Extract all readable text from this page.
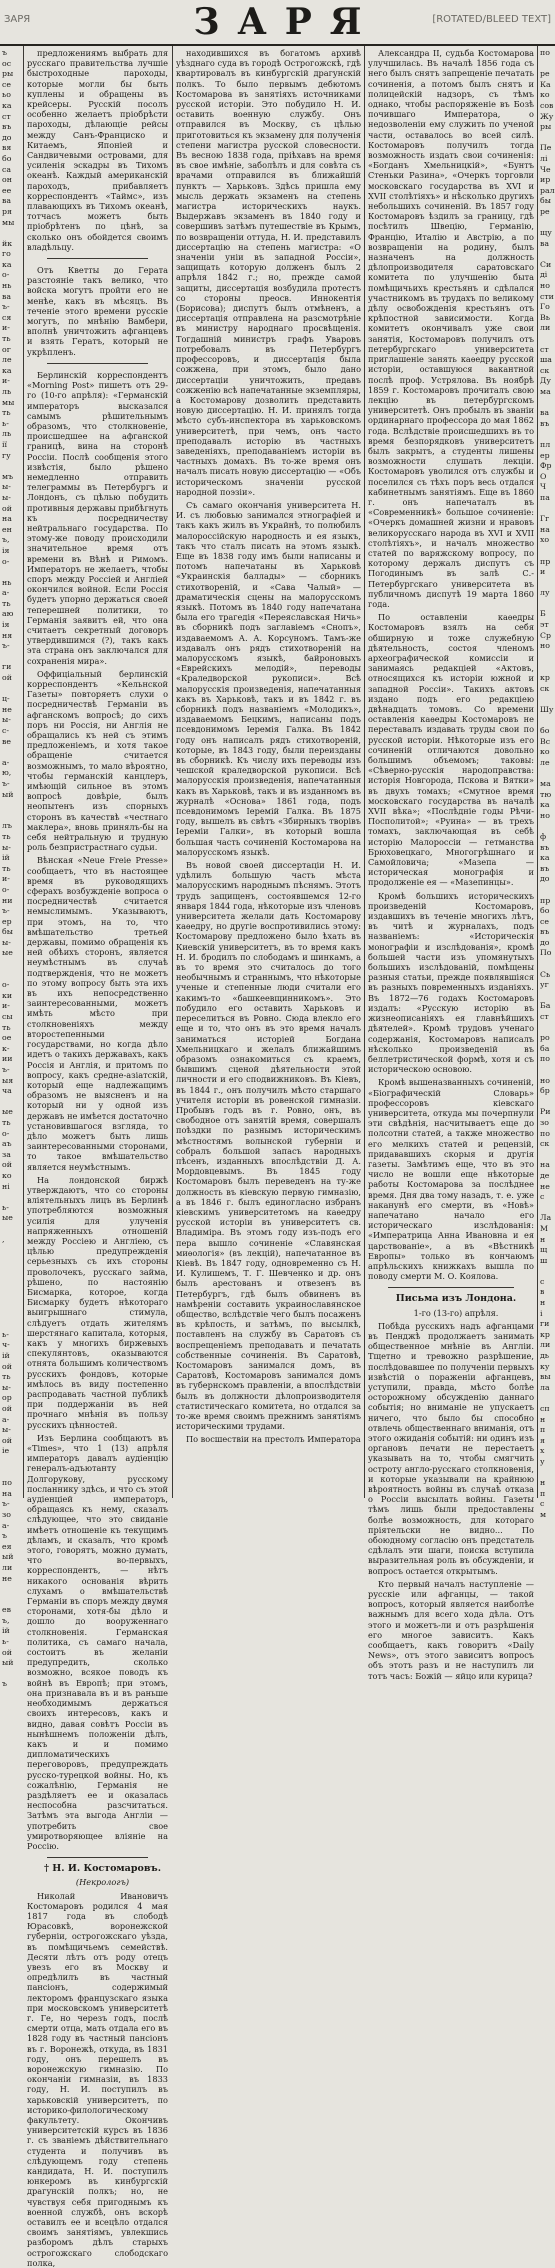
ЗАРЯ	ЗАРЯ	[ROTATED/BLEED TEXT]
ъ
ос
ры
се
ьо
ка
ст
въ
до
вя
бо
са
он
ее
ва
ря
мы

йк
го
ка
о-
нь
ва
ъ-
ся
и-
ть
ог
ле
ка
и-
ль
мы
ть
ь-
ль
ії
гу

мъ
ы-
ы-
ой
на
ен
ъ,
ія
о-

нь
а-
ть
аю
ія
ня
ъ-

ги
ой

ц-
не
ы-
с-
ве

а-
ю,
ъ-
ый

лъ
ть
ы-
ій
ть
и-
о-
ни
ъ-
ер
бы
ы-
ые

о-
ки
и-
сы
ть
ое
к-
ии
ъ-
ыя
ча

ые
ть
о-
аъ
за
ой
ко
ні

ь-
ые

,

ь-
ч-
ій
ой
ть
ы-
ор
ой
а-
ы-
ой
іе

по
на
ъ-
зо
а-
ъ
ея
ый
ли
не

ев
ъ,
ій
ь-
ой
ый

ъ

предложениямъ выбрать для русскаго правительства лучшіе быстроходные пароходы, которые могли бы быть куплены и обращены въ крейсеры. Русскій посолъ особенно желаетъ пріобрѣсти пароходы, дѣлающіе рейсы между Санъ-Франциско и Китаемъ, Японіей и Сандвичевыми островами, для усиленія эскадры въ Тихомъ океанѣ. Каждый американскій пароходъ, прибавляетъ корреспондентъ «Таймс», изъ плавающихъ въ Тихомъ океанѣ, тотчасъ можетъ быть пріобрѣтенъ по цѣнѣ, за сколько онъ обойдется своимъ владѣльцу.

Отъ Кветты до Герата разстояніе такъ велико, что войска могутъ пройти его не менѣе, какъ въ мѣсяцъ. Въ теченіе этого времени русскіе могутъ, по мнѣнію Вамбери, вполнѣ уничтожить афганцевъ и взять Гератъ, который не укрѣпленъ.

Берлинскій корреспондентъ «Morning Post» пишетъ отъ 29-го (10-го апрѣля): «Германскій императоръ высказался самымъ рѣшительнымъ образомъ, что столкновеніе, происшедшее на афганской границѣ, вина на сторонѣ Россіи. Послѣ сообщенія этого извѣстія, было рѣшено немедленно отправить телеграммы въ Петербургъ и Лондонъ, съ цѣлью побудить противныя державы прибѣгнуть къ посредничеству нейтральнаго государства. По этому-же поводу происходили значительное время отъ времени въ Вѣнѣ и Римомъ. Императоръ не желаетъ, чтобы споръ между Россіей и Англіей окончился войной. Если Россія будетъ упорно держаться своей теперешней политики, то Германія заявитъ ей, что она считаетъ секретный договоръ утвердившимся (?), такъ какъ эта страна онъ заключался для сохраненія мира».

Оффиціальный берлинскій корреспондентъ «Кельнской Газеты» повторяетъ слухи о посредничествѣ Германіи въ афганскомъ вопросѣ; до сихъ поръ ни Россія, ни Англія не обращались къ ней съ этимъ предложеніемъ, и хотя такое обращеніе считается возможнымъ, то мало вѣроятно, чтобы германскій канцлеръ, имѣющій сильное въ этомъ вопросѣ довѣріе, былъ неопытенъ изъ спорныхъ сторонъ въ качествѣ «честнаго маклера», вновь принялъ-бы на себя нейтральную и трудную роль безпристрастнаго судьи.

Вѣнская «Neue Freie Presse» сообщаетъ, что въ настоящее время въ руководящихъ сферахъ возбужденіе вопроса о посредничествѣ считается немыслимымъ. Указываютъ, при этомъ, на то, что вмѣшательство третьей державы, помимо обращенія къ ней обѣихъ сторонъ, является неумѣстнымъ въ случаѣ подтвержденія, что не можетъ по этому вопросу быть эта ихъ въ ихъ непосредственно заинтересованными, можетъ имѣть мѣсто при столкновеніяхъ между второстепенными государствами, но когда дѣло идетъ о такихъ державахъ, какъ Россія и Англія, и притомъ по вопросу, какъ средне-азіатскій, который еще надлежащимъ образомъ не выясненъ и на который ни у одной изъ державъ не имѣется достаточно установившагося взгляда, то дѣло можетъ быть лишь заинтересованными сторонами, то такое вмѣшательство является неумѣстнымъ.

На лондонской биржѣ утверждаютъ, что со стороны вліятельныхъ лицъ въ Берлинѣ употребляются возможныя усилія для улученія напряженныхъ отношеній между Россіею и Англіею, съ цѣлью предупрежденія серьезныхъ съ ихъ стороны проволочекъ, русскаго займа, рѣшено, по настоянію Бисмарка, которое, когда Бисмарку будетъ нѣкотораго выигрышнаго стимула, слѣдуетъ отдать жителямъ шерстянаго капитала, которыя, какъ у многихъ биржевыхъ спекулянтовъ, оказываются отнята большимъ количествомъ русскихъ фондовъ, которые имѣлось въ виду постепенно распродавать частной публикѣ при поддержаніи въ ней прочнаго мнѣнія въ пользу русскихъ цѣнностей.

Изъ Берлина сообщаютъ въ «Times», что 1 (13) апрѣля императоръ давалъ аудіенцію генералъ-адъютанту Долгорукову, русскому посланнику здѣсь, и что съ этой аудіенціей императоръ, обращаясь къ нему, сказалъ слѣдующее, что это свиданіе имѣетъ отношеніе къ текущимъ дѣламъ, и сказалъ, что кромѣ этого, говорятъ, можно думать, что во-первыхъ, корреспондентъ, — нѣтъ никакого основанія вѣрить слухамъ о вмѣшательствѣ Германіи въ споръ между двумя сторонами, хотя-бы дѣло и дошло до вооруженнаго столкновенія. Германская политика, съ самаго начала, состоитъ въ желаніи предупредить, сколько возможно, всякое поводъ къ войнѣ въ Европѣ; при этомъ, она признавала въ и въ раньше необходимымъ держаться своихъ интересовъ, какъ и видно, давая совѣтъ Россіи въ нынѣшнемъ положеніи дѣлъ, какъ и и помимо дипломатическихъ переговоровъ, предупреждать русско-турецкой войны. Но, къ сожалѣнію, Германія не раздѣляетъ ее и оказалась неспособна разсчитаться. Затѣмъ эта выгода Англіи — употребить свое умиротворяющее вліяніе на Россію.

† Н. И. Костомаровъ.

(Некрологъ)

Николай Ивановичъ Костомаровъ родился 4 мая 1817 года въ слободѣ Юрасовкѣ, воронежской губерніи, острогожскаго уѣзда, въ помѣщичьемъ семействѣ. Десяти лѣтъ отъ роду отецъ увезъ его въ Москву и опредѣлилъ въ частный пансіонъ, содержимый лекторомъ французскаго языка при московскомъ университетѣ г. Гe, но черезъ годъ, послѣ смерти отца, мать отдала его въ 1828 году въ частный пансіонъ въ г. Воронежѣ, откуда, въ 1831 году, онъ перешелъ въ воронежскую гимназію. По окончаніи гимназіи, въ 1833 году, Н. И. поступилъ въ харьковскій университетъ, по историко-филологическому факультету. Окончивъ университетскій курсъ въ 1836 г. съ званіемъ дѣйствительнаго студента и получивъ въ слѣдующемъ году степень кандидата, Н. И. поступилъ юнкеромъ въ кинбургскій драгунскій полкъ; но, не чувствуя себя пригоднымъ къ военной службѣ, онъ вскорѣ оставилъ ее и всецѣло отдался своимъ занятіямъ, увлекшись разборомъ дѣлъ старыхъ острогожскаго слободскаго полка,

находившихся въ богатомъ архивѣ уѣзднаго суда въ городѣ Острогожскѣ, гдѣ квартировалъ въ кинбургскій драгунскій полкъ. То было первымъ дебютомъ Костомарова въ занятіяхъ источниками русской исторіи. Это побудило Н. И. оставить военную службу. Онъ отправился въ Москву, съ цѣлью приготовиться къ экзамену для полученія степени магистра русской словесности. Въ весною 1838 года, пріѣхавъ на время въ свое имѣніе, заболѣлъ и для совѣта съ врачами отправился въ ближайшій пунктъ — Харьковъ. Здѣсь пришла ему мысль держать экзаменъ на степень магистра историческихъ наукъ. Выдержавъ экзаменъ въ 1840 году и совершивъ затѣмъ путешествіе въ Крымъ, по возвращеніи оттуда, Н. И. представилъ диссертацію на степень магистра: «О значеніи уніи въ западной Россіи», защищать которую долженъ былъ 2 апрѣля 1842 г.; но, прежде самой защиты, диссертація возбудила протестъ со стороны преосв. Иннокентія (Борисова); диспутъ былъ отмѣненъ, а диссертація отправлена на разсмотрѣніе въ министру народнаго просвѣщенія. Тогдашній министръ графъ Уваровъ потребовалъ въ Петербургъ профессоровъ, и диссертація была сожжена, при этомъ, было дано диссертаціи уничтожить, предавъ сожженію всѣ напечатанные экземпляры, а Костомарову дозволить представить новую диссертацію. Н. И. принялъ тогда мѣсто субъ-инспектора въ харьковскомъ университетѣ, при чемъ, онъ часто преподавалъ исторію въ частныхъ заведеніяхъ, преподаваніемъ исторіи въ частныхъ домахъ. Въ то-же время онъ началъ писать новую диссертацію — «Объ историческомъ значеніи русской народной поэзіи».

Съ самаго окончанія университета Н. И. съ любовью занимался этнографіей и такъ какъ жилъ въ Украйнѣ, то полюбилъ малороссійскую народность и ея языкъ, такъ что сталъ писать на этомъ языкѣ. Еще въ 1838 году имъ были написаны и потомъ напечатаны въ Харьковѣ «Украинскія баллады» — сборникъ стихотвореній, и «Сава Чалый» — драматическія сцены на малорусскомъ языкѣ. Потомъ въ 1840 году напечатана была его трагедія «Переяславская Ничь» въ сборникѣ подъ заглавіемъ «Снопъ», издаваемомъ А. А. Корсуномъ. Тамъ-же издавалъ онъ рядъ стихотвореній на малорусскомъ языкѣ, байроновыхъ «Еврейскихъ мелодій», переводы «Краледворской рукописи». Всѣ малорусскія произведенія, напечатанныя какъ въ Харьковѣ, такъ и въ 1842 г. въ сборникѣ подъ названіемъ «Молодикъ», издаваемомъ Бецкимъ, написаны подъ псевдонимомъ Іеремія Галка. Въ 1842 году онъ написалъ рядъ стихотвореній, которые, въ 1843 году, были переизданы въ сборникѣ. Къ числу ихъ переводы изъ чешской краледворской рукописи. Всѣ малорусскія произведенія, напечатанныя какъ въ Харьковѣ, такъ и въ изданномъ въ журналѣ «Основа» 1861 года, подъ псевдонимомъ Іеремій Галка. Въ 1875 году, вышелъ въ свѣтъ «Збирныкъ творiвъ Іеремiи Галки», въ который вошла большая часть сочиненій Костомарова на малорусскомъ языкѣ.

Въ новой своей диссертаціи Н. И. удѣлилъ большую часть мѣста малорусскимъ народнымъ пѣснямъ. Этотъ трудъ защищенъ, состоявшемся 12-го января 1844 года, нѣкоторые изъ членовъ университета желали дать Костомарову каѳедру, но другіе воспротивились этому: Костомарову предложено было ѣхать въ Киевскій университетъ, въ то время какъ Н. И. бродилъ по слободамъ и шинкамъ, а въ то время это считалось до того необычнымъ и страннымъ, что нѣкоторые ученые и степенные люди считали его какимъ-то «башкеевщинникомъ». Это побудило его оставить Харьковъ и переселиться въ Ровно. Сюда влекло его еще и то, что онъ въ это время началъ заниматься исторіей Богдана Хмельницкаго и желалъ ближайшимъ образомъ ознакомиться съ краемъ, бывшимъ сценой дѣятельности этой личности и его сподвижниковъ. Въ Кіевъ, въ 1844 г., онъ получилъ мѣсто старшаго учителя исторіи въ ровенской гимназіи. Пробывъ годъ въ г. Ровно, онъ, въ свободное отъ занятій время, совершалъ поѣздки по разнымъ историческимъ мѣстностямъ волынской губерніи и собралъ большой запасъ народныхъ пѣсенъ, изданныхъ впослѣдствіи Д. А. Мордовцевымъ. Въ 1845 году Костомаровъ былъ переведенъ на ту-же должность въ кіевскую первую гимназію, а въ 1846 г. былъ единогласно избранъ кіевскимъ университетомъ на каѳедру русской исторіи въ университетъ св. Владиміра. Въ этомъ году изъ-подъ его пера вышло сочиненіе «Славянская миѳологія» (въ лекцій), напечатанное въ Кіевѣ. Въ 1847 году, одновременно съ Н. И. Кулишемъ, Т. Г. Шевченко и др. онъ былъ арестованъ и отвезенъ въ Петербургъ, гдѣ былъ обвиненъ въ намѣреніи составить украинославянское общество, вслѣдствіе чего былъ посаженъ въ крѣпость, и затѣмъ, по высылкѣ, поставленъ на службу въ Саратовъ съ воспрещеніемъ преподавать и печатать собственные сочиненія. Въ Саратовѣ, Костомаровъ занимался домъ, въ Саратовѣ, Костомаровъ занимался домъ въ губернскомъ правленіи, а впослѣдствіи былъ въ должности дѣлопроизводителя статистическаго комитета, но отдался за то-же время своимъ прежнимъ занятіямъ историческими трудами.

По восшествіи на престолъ Императора

Александра II, судьба Костомарова улучшилась. Въ началѣ 1856 года съ него былъ снятъ запрещеніе печатать сочиненія, а потомъ былъ снятъ и полицейскій надзоръ, съ тѣмъ однако, чтобы распоряженіе въ Бозѣ почившаго Императора, о недозволеніи ему служить по ученой части, оставалось во всей силѣ. Костомаровъ получилъ тогда возможность издать свои сочиненія: «Богданъ Хмельницкій», «Бунтъ Стеньки Разина», «Очеркъ торговли московскаго государства въ XVI и XVII столѣтіяхъ» и нѣсколько другихъ небольшихъ сочиненій. Въ 1857 году Костомаровъ ѣздилъ за границу, гдѣ посѣтилъ Швецію, Германію, Францію, Италію и Австрію, а по возвращеніи на родину, былъ назначенъ на должность дѣлопроизводителя саратовскаго комитета по улучшенію быта помѣщичьихъ крестьянъ и сдѣлался участникомъ въ трудахъ по великому дѣлу освобожденія крестьянъ отъ крѣпостной зависимости. Когда комитетъ окончивалъ уже свои занятія, Костомаровъ получилъ отъ петербургскаго университета приглашеніе занять каѳедру русской исторіи, оставшуюся вакантной послѣ проф. Устрялова. Въ ноябрѣ 1859 г. Костомаровъ прочиталъ свою лекцію въ петербургскомъ университетѣ. Онъ пробылъ въ званіи ординарнаго профессора до мая 1862 года. Вслѣдствіе происшедшихъ въ то время безпорядковъ университетъ былъ закрытъ, а студенты лишены возможности слушать лекціи. Костомаровъ уволился отъ службы и поселился съ тѣхъ поръ весь отдался кабинетнымъ занятіямъ. Еще въ 1860 г. онъ напечаталъ въ «Современникѣ» большое сочиненіе: «Очеркъ домашней жизни и нравовъ великорусскаго народа въ XVI и XVII столѣтіяхъ», и началъ множество статей по варяжскому вопросу, по которому держалъ диспутъ съ Погодинымъ въ залѣ С.-Петербургскаго университета въ публичномъ диспутѣ 19 марта 1860 года.

По оставленіи каѳедры Костомаровъ взялъ на себя обширную и тоже служебную дѣятельность, состоя членомъ археографической комиссіи и занимаясь редакціей «Актовъ, относящихся къ исторіи южной и западной Россіи». Такихъ актовъ издано подъ его редакціею двѣнадцать томовъ. Со времени оставленія каѳедры Костомаровъ не переставалъ издавать труды свои по русской исторіи. Нѣкоторые изъ его сочиненій отличаются довольно большимъ объемомъ; таковы: «Сѣверно-русскія народоправства: исторія Новгорода, Пскова и Вятки» въ двухъ томахъ; «Смутное время московскаго государства въ началѣ XVII вѣка»; «Послѣдніе годы Рѣчи-Посполитой»; «Руина» — въ трехъ томахъ, заключающая въ себѣ исторію Малороссіи — гетманства Брюховецкаго, Многогрѣшнаго и Самойловича; «Мазепа — историческая монографія и продолженіе ея — «Мазепинцы».

Кромѣ большихъ историческихъ произведеній Костомаровъ, издавшихъ въ теченіе многихъ лѣтъ, въ читѣ и журналахъ, подъ названіемъ: «Историческія монографіи и изслѣдованія», кромѣ большей части изъ упомянутыхъ большихъ изслѣдованій, помѣщены разныя статьи, прежде появлявшіяся въ разныхъ повременныхъ изданіяхъ. Въ 1872—76 годахъ Костомаровъ издалъ: «Русскую исторію въ жизнеописаніяхъ ея главнѣйшихъ дѣятелей». Кромѣ трудовъ ученаго содержанія, Костомаровъ написалъ нѣсколько произведеній въ беллетристической формѣ, хотя и съ историческою основою.

Кромѣ вышеназванныхъ сочиненій, «Біографическій Словарь» профессоровъ кіевскаго университета, откуда мы почерпнули эти свѣдѣнія, насчитываетъ еще до полсотни статей, а также множество его мелкихъ статей и рецензій, придававшихъ скорыя и другія газеты. Замѣтимъ еще, что въ это число не вошли еще нѣкоторые работы Костомарова за послѣднее время. Дня два тому назадъ, т. е. уже наканунѣ его смерти, въ «Новѣ» напечатано начало его историческаго изслѣдованія: «Императрица Анна Ивановна и ея царствованіе», а въ «Вѣстникѣ Европы» только въ кончаюмъ апрѣльскихъ книжкахъ вышла по поводу смерти М. О. Коялова.

Письма изъ Лондона.

1-го (13-го) апрѣля.

Побѣда русскихъ надъ афганцами въ Пенджѣ продолжаетъ занимать общественное мнѣніе въ Англіи. Тщетно и тревожно разрѣшение, послѣдовавшее по полученіи первыхъ извѣстій о пораженіи афганцевъ, уступили, правда, мѣсто болѣе осторожному обсужденію даннаго событія; но вниманіе не упускаетъ ничего, что было бы способно отвлечь общественнаго вниманія, отъ этого ожиданія событій: ни одинъ изъ органовъ печати не перестаетъ указывать на то, чтобы смягчить остроту англо-русскаго столкновенія, и которые указывали на крайнюю вѣроятность войны въ случаѣ отказа о Россіи высылать войны. Газеты тѣмъ лишь были предоставлены болѣе возможность, для котораго пріятельски не видно... По обоюдному согласію онъ предстатель сдѣлалъ эти шаги, поиска вступила выразительная роль въ обсужденіи, и вопросъ остается открытымъ.

Кто первый началъ наступленіе — русскіе или афганцы, — такой вопросъ, который является наиболѣе важнымъ для всего хода дѣла. Отъ этого и можетъ-ли и отъ разрѣшенія его многое зависитъ. Какъ сообщаетъ, какъ говоритъ «Daily News», отъ этого зависитъ вопросъ объ этотъ разъ и не наступилъ ли тотъ часъ: Божій — яйцо или курица?

по

ре
Ка
ко
сов
Жу
ры

Пе
лі
Че
ир
рал
бы
ре

щу
ва

Си
ді
но
сти
Го
Вь
ли

ст
ша
ск
Ду
ма

ва
въ

пл
ер
Фр
О
Ч
па

Гг
на
хо

пр
и

лу

Б
эт
Ср
но

кр
ск

Шу

бо
Вс
ко
ле

ма
тю
ка
но

ф
въ
ка
въ
до

пр
бо
се
въ
до
По

Сь
уг

Ба
ст

ро
ба
по

но
бр

Ри
зо
по
ск

на
де
не
с

Ла
М
н
щ
ш

с
в
н
і
ги
кр
ли
дь
ку
вы
ла

сп
н
п
я
х
у

н
п
с
м
